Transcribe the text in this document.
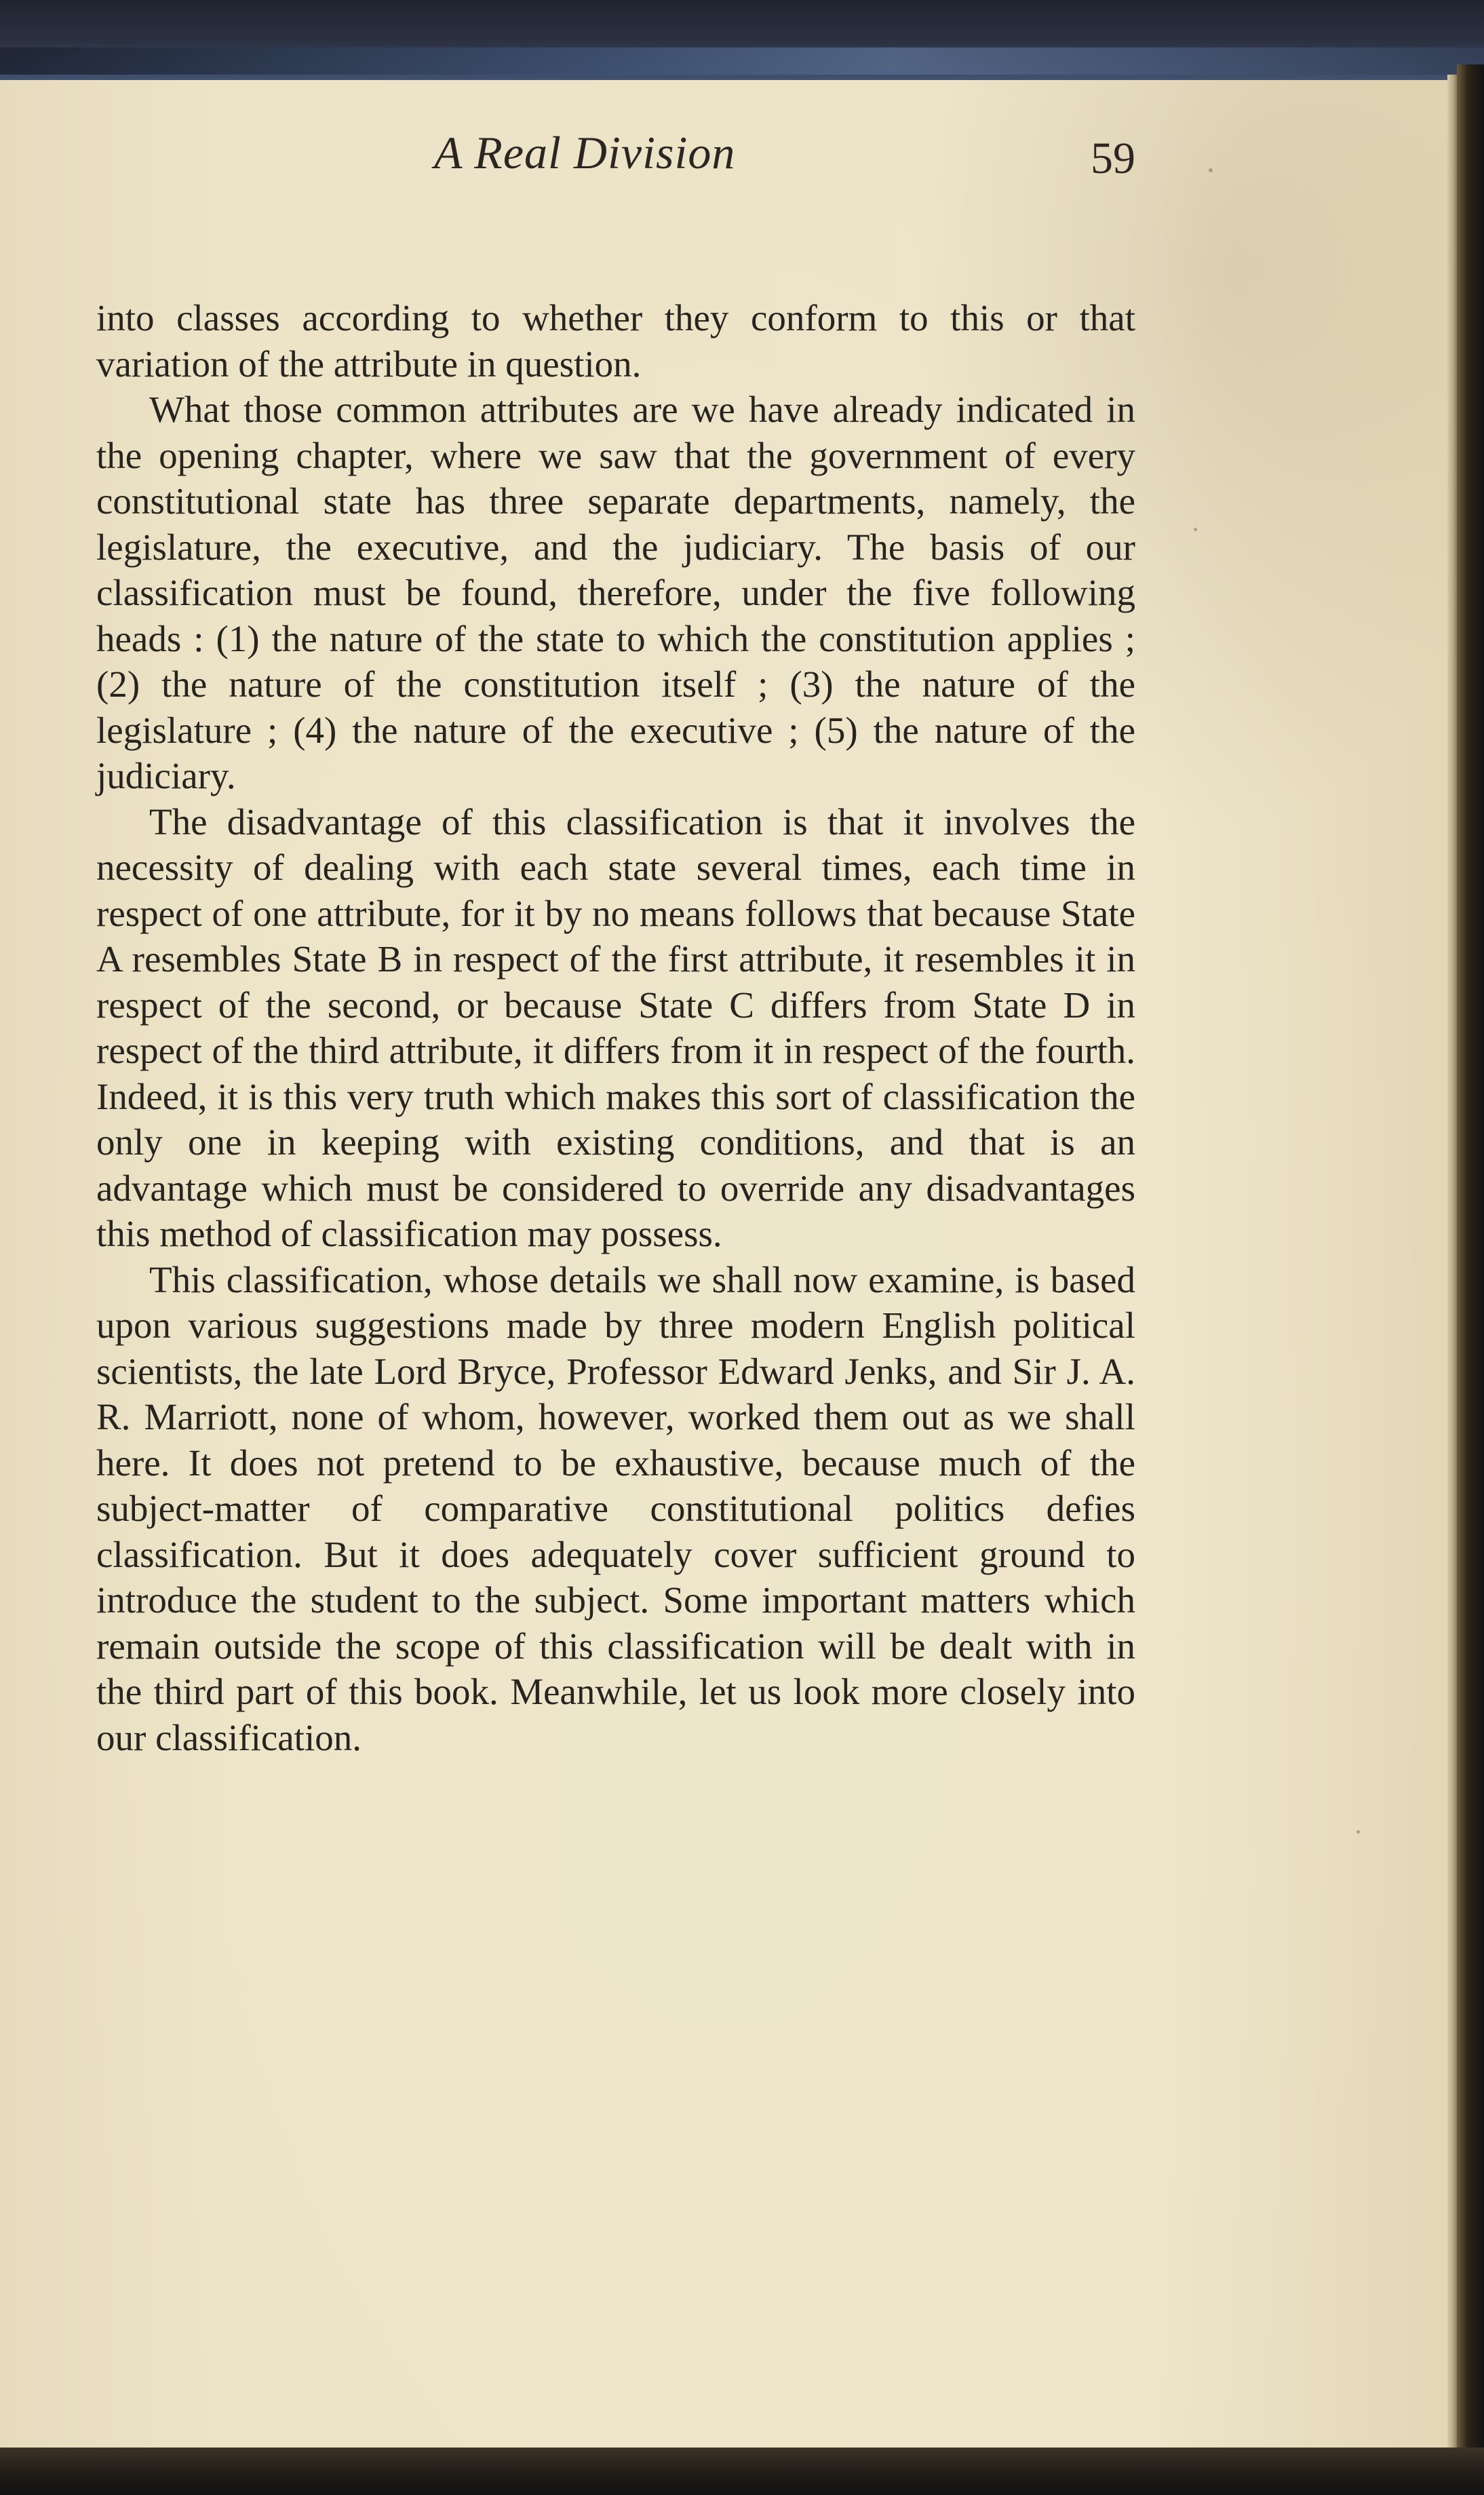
A Real Division	59

into classes according to whether they conform to this or that variation of the attribute in question.

What those common attributes are we have already indicated in the opening chapter, where we saw that the government of every constitutional state has three separate departments, namely, the legislature, the executive, and the judiciary. The basis of our classification must be found, therefore, under the five following heads : (1) the nature of the state to which the constitution applies ; (2) the nature of the constitution itself ; (3) the nature of the legislature ; (4) the nature of the executive ; (5) the nature of the judiciary.

The disadvantage of this classification is that it involves the necessity of dealing with each state several times, each time in respect of one attribute, for it by no means follows that because State A resembles State B in respect of the first attribute, it resembles it in respect of the second, or because State C differs from State D in respect of the third attribute, it differs from it in respect of the fourth. Indeed, it is this very truth which makes this sort of classification the only one in keeping with existing conditions, and that is an advantage which must be considered to override any disadvantages this method of classification may possess.

This classification, whose details we shall now examine, is based upon various suggestions made by three modern English political scientists, the late Lord Bryce, Professor Edward Jenks, and Sir J. A. R. Marriott, none of whom, however, worked them out as we shall here. It does not pretend to be exhaustive, because much of the subject-matter of comparative constitutional politics defies classification. But it does adequately cover sufficient ground to introduce the student to the subject. Some important matters which remain outside the scope of this classification will be dealt with in the third part of this book. Meanwhile, let us look more closely into our classification.
